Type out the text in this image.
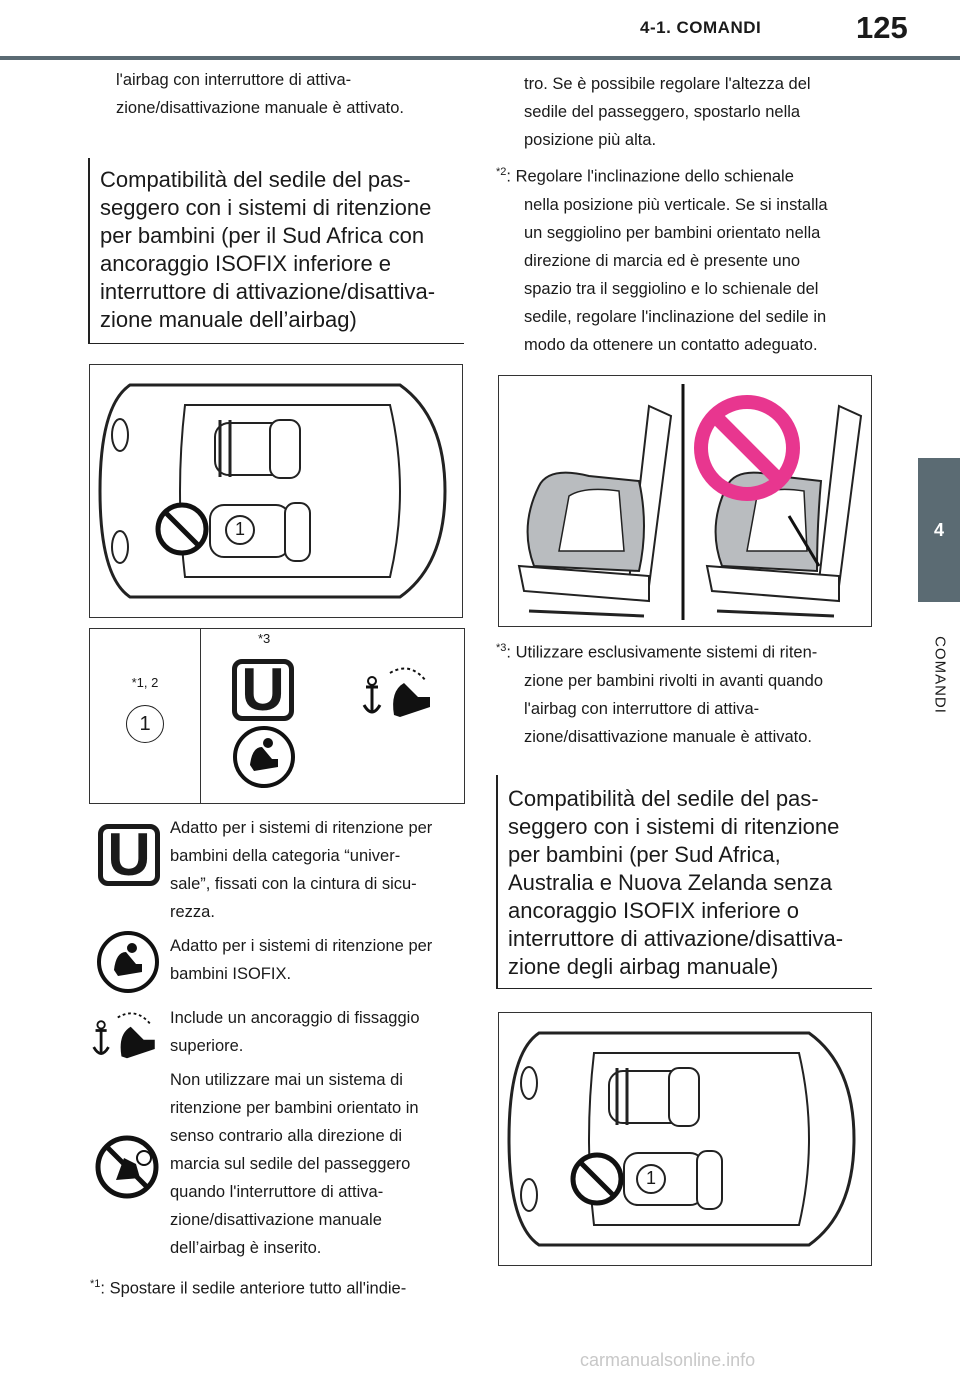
4-1. COMANDI	125
4
COMANDI
l'airbag con interruttore di attiva-
zione/disattivazione manuale è attivato.
Compatibilità del sedile del pas-
seggero con i sistemi di ritenzione
per bambini (per il Sud Africa con
ancoraggio ISOFIX inferiore e
interruttore di attivazione/disattiva-
zione manuale dell’airbag)
1
*1, 2
1
*3
U
U	Adatto per i sistemi di ritenzione per
bambini della categoria “univer-
sale”, fissati con la cintura di sicu-
rezza.
Adatto per i sistemi di ritenzione per
bambini ISOFIX.
Include un ancoraggio di fissaggio
superiore.
Non utilizzare mai un sistema di
ritenzione per bambini orientato in
senso contrario alla direzione di
marcia sul sedile del passeggero
quando l'interruttore di attiva-
zione/disattivazione manuale
dell’airbag è inserito.
$^{*1}$: Spostare il sedile anteriore tutto all'indie-
tro. Se è possibile regolare l'altezza del
sedile del passeggero, spostarlo nella
posizione più alta.
$^{*2}$: Regolare l'inclinazione dello schienale
nella posizione più verticale. Se si installa
un seggiolino per bambini orientato nella
direzione di marcia ed è presente uno
spazio tra il seggiolino e lo schienale del
sedile, regolare l'inclinazione del sedile in
modo da ottenere un contatto adeguato.
$^{*3}$: Utilizzare esclusivamente sistemi di riten-
zione per bambini rivolti in avanti quando
l'airbag con interruttore di attiva-
zione/disattivazione manuale è attivato.
Compatibilità del sedile del pas-
seggero con i sistemi di ritenzione
per bambini (per Sud Africa,
Australia e Nuova Zelanda senza
ancoraggio ISOFIX inferiore o
interruttore di attivazione/disattiva-
zione degli airbag manuale)
1
carmanualsonline.info
